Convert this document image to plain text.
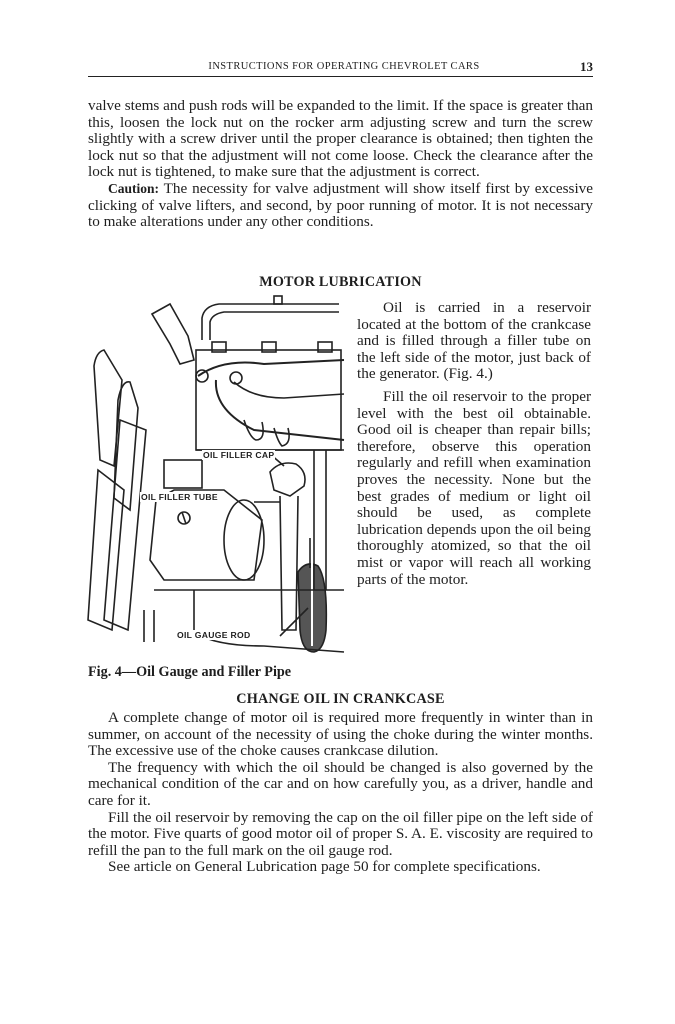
INSTRUCTIONS FOR OPERATING CHEVROLET CARS	13

valve stems and push rods will be expanded to the limit. If the space is greater than this, loosen the lock nut on the rocker arm adjusting screw and turn the screw slightly with a screw driver until the proper clearance is obtained; then tighten the lock nut so that the adjustment will not come loose. Check the clearance after the lock nut is tightened, to make sure that the adjustment is correct.

Caution: The necessity for valve adjustment will show itself first by excessive clicking of valve lifters, and second, by poor running of motor. It is not necessary to make alterations under any other conditions.

MOTOR LUBRICATION
OIL FILLER CAP
OIL FILLER TUBE
OIL GAUGE ROD

Oil is carried in a reservoir located at the bottom of the crankcase and is filled through a filler tube on the left side of the motor, just back of the generator. (Fig. 4.)

Fill the oil reservoir to the proper level with the best oil obtainable. Good oil is cheaper than repair bills; therefore, observe this operation regularly and refill when examination proves the necessity. None but the best grades of medium or light oil should be used, as complete lubrication depends upon the oil being thoroughly atomized, so that the oil mist or vapor will reach all working parts of the motor.

Fig. 4—Oil Gauge and Filler Pipe
CHANGE OIL IN CRANKCASE

A complete change of motor oil is required more frequently in winter than in summer, on account of the necessity of using the choke during the winter months. The excessive use of the choke causes crankcase dilution.

The frequency with which the oil should be changed is also governed by the mechanical condition of the car and on how carefully you, as a driver, handle and care for it.

Fill the oil reservoir by removing the cap on the oil filler pipe on the left side of the motor. Five quarts of good motor oil of proper S. A. E. viscosity are required to refill the pan to the full mark on the oil gauge rod.

See article on General Lubrication page 50 for complete specifications.
